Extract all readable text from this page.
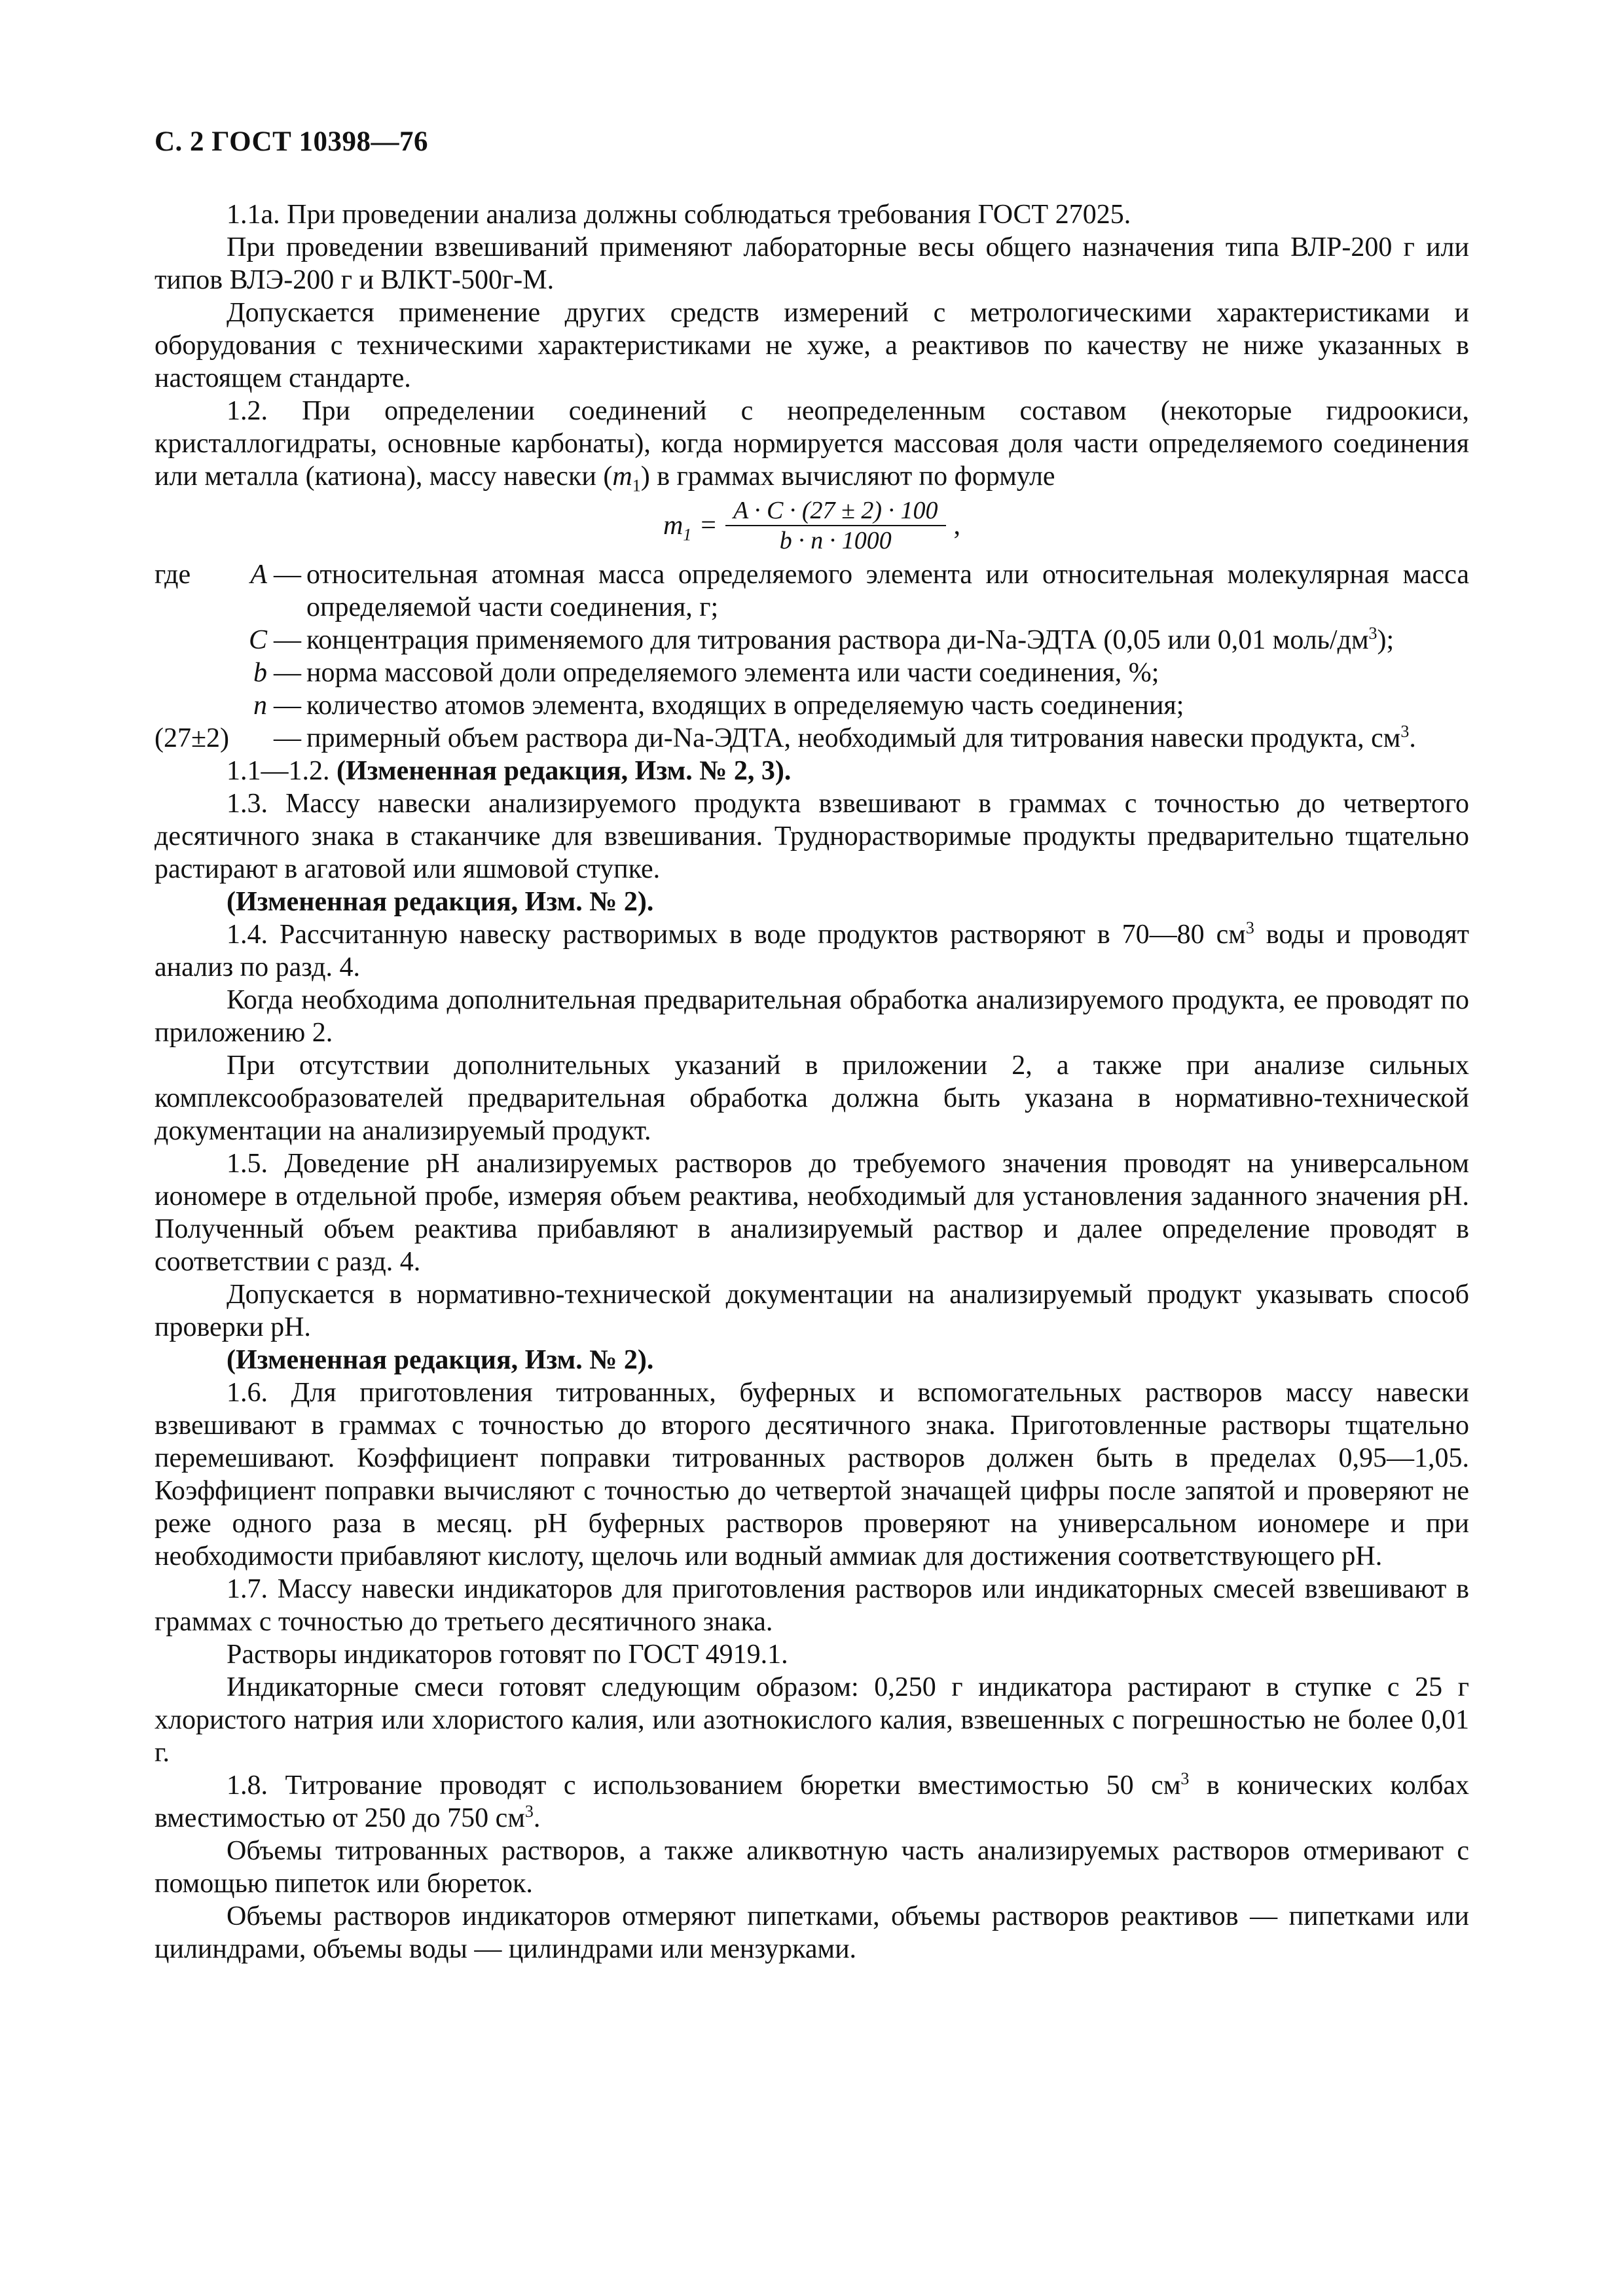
С. 2 ГОСТ 10398—76

1.1а. При проведении анализа должны соблюдаться требования ГОСТ 27025.

При проведении взвешиваний применяют лабораторные весы общего назначения типа ВЛР-200 г или типов ВЛЭ-200 г и ВЛКТ-500г-М.

Допускается применение других средств измерений с метрологическими характеристиками и оборудования с техническими характеристиками не хуже, а реактивов по качеству не ниже указанных в настоящем стандарте.

1.2. При определении соединений с неопределенным составом (некоторые гидроокиси, кристаллогидраты, основные карбонаты), когда нормируется массовая доля части определяемого соединения или металла (катиона), массу навески $(m_1)$ в граммах вычисляют по формуле

$m_1 = \frac{A \cdot C \cdot (27 \pm 2) \cdot 100}{b \cdot n \cdot 1000}$ ,
где A — относительная атомная масса определяемого элемента или относительная молекулярная масса определяемой части соединения, г;
C — концентрация применяемого для титрования раствора ди-Na-ЭДТА (0,05 или 0,01 моль/$дм^3$);
b — норма массовой доли определяемого элемента или части соединения, %;
n — количество атомов элемента, входящих в определяемую часть соединения;
(27±2)	— примерный объем раствора ди-Na-ЭДТА, необходимый для титрования навески продукта, $см^3$.

1.1—1.2. (Измененная редакция, Изм. № 2, 3).

1.3. Массу навески анализируемого продукта взвешивают в граммах с точностью до четвертого десятичного знака в стаканчике для взвешивания. Труднорастворимые продукты предварительно тщательно растирают в агатовой или яшмовой ступке.

(Измененная редакция, Изм. № 2).

1.4. Рассчитанную навеску растворимых в воде продуктов растворяют в 70—80 $см^3$ воды и проводят анализ по разд. 4.

Когда необходима дополнительная предварительная обработка анализируемого продукта, ее проводят по приложению 2.

При отсутствии дополнительных указаний в приложении 2, а также при анализе сильных комплексообразователей предварительная обработка должна быть указана в нормативно-технической документации на анализируемый продукт.

1.5. Доведение pH анализируемых растворов до требуемого значения проводят на универсальном иономере в отдельной пробе, измеряя объем реактива, необходимый для установления заданного значения pH. Полученный объем реактива прибавляют в анализируемый раствор и далее определение проводят в соответствии с разд. 4.

Допускается в нормативно-технической документации на анализируемый продукт указывать способ проверки pH.

(Измененная редакция, Изм. № 2).

1.6. Для приготовления титрованных, буферных и вспомогательных растворов массу навески взвешивают в граммах с точностью до второго десятичного знака. Приготовленные растворы тщательно перемешивают. Коэффициент поправки титрованных растворов должен быть в пределах 0,95—1,05. Коэффициент поправки вычисляют с точностью до четвертой значащей цифры после запятой и проверяют не реже одного раза в месяц. pH буферных растворов проверяют на универсальном иономере и при необходимости прибавляют кислоту, щелочь или водный аммиак для достижения соответствующего pH.

1.7. Массу навески индикаторов для приготовления растворов или индикаторных смесей взвешивают в граммах с точностью до третьего десятичного знака.

Растворы индикаторов готовят по ГОСТ 4919.1.

Индикаторные смеси готовят следующим образом: 0,250 г индикатора растирают в ступке с 25 г хлористого натрия или хлористого калия, или азотнокислого калия, взвешенных с погрешностью не более 0,01 г.

1.8. Титрование проводят с использованием бюретки вместимостью 50 $см^3$ в конических колбах вместимостью от 250 до 750 $см^3$.

Объемы титрованных растворов, а также аликвотную часть анализируемых растворов отмеривают с помощью пипеток или бюреток.

Объемы растворов индикаторов отмеряют пипетками, объемы растворов реактивов — пипетками или цилиндрами, объемы воды — цилиндрами или мензурками.
